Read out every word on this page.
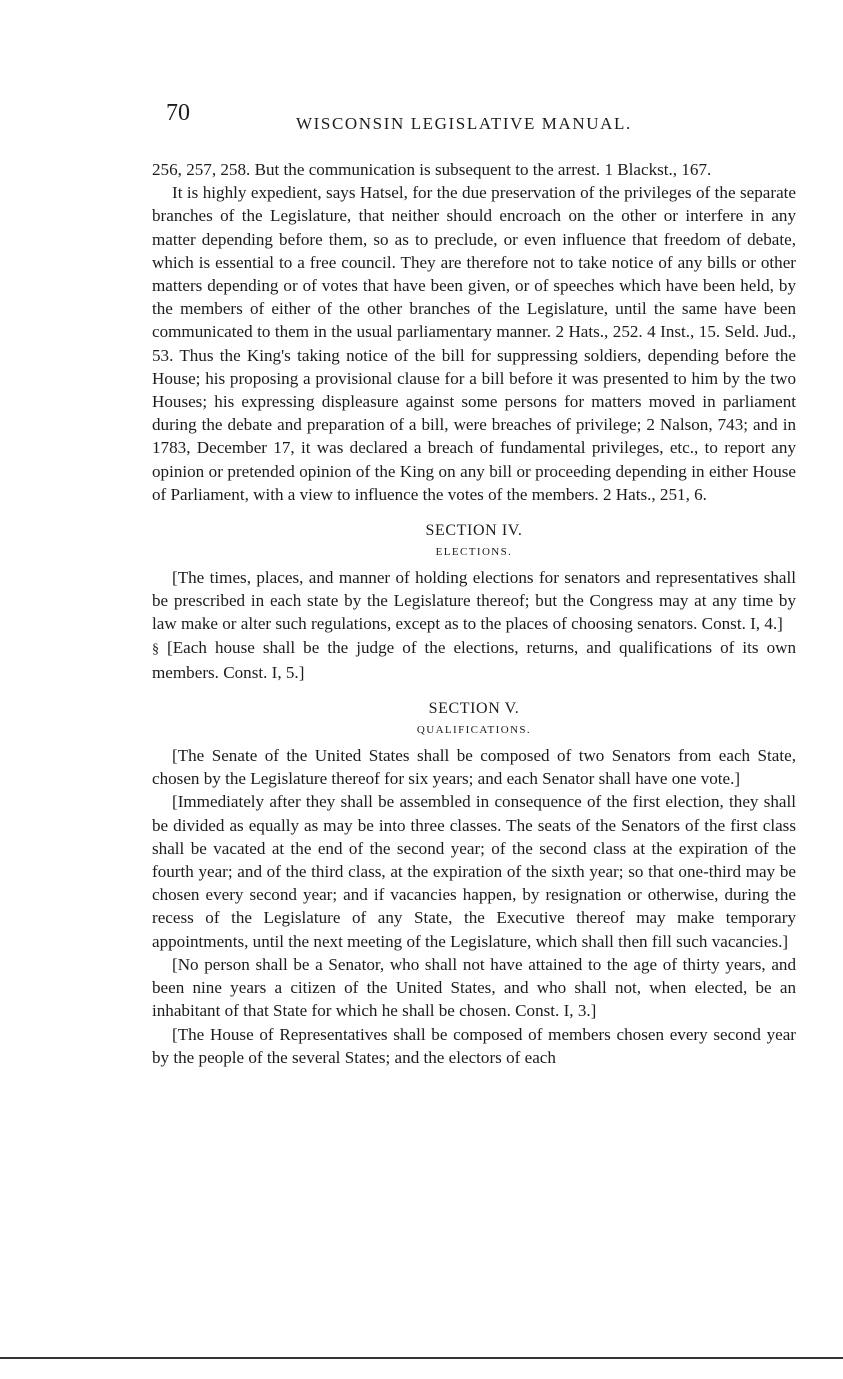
70	WISCONSIN LEGISLATIVE MANUAL.

256, 257, 258. But the communication is subsequent to the arrest. 1 Blackst., 167.

It is highly expedient, says Hatsel, for the due preservation of the privileges of the separate branches of the Legislature, that neither should encroach on the other or interfere in any matter depending before them, so as to preclude, or even influence that freedom of debate, which is essential to a free council. They are therefore not to take notice of any bills or other matters depending or of votes that have been given, or of speeches which have been held, by the members of either of the other branches of the Legislature, until the same have been communicated to them in the usual parliamentary manner. 2 Hats., 252. 4 Inst., 15. Seld. Jud., 53. Thus the King's taking notice of the bill for suppressing soldiers, depending before the House; his proposing a provisional clause for a bill before it was presented to him by the two Houses; his expressing displeasure against some persons for matters moved in parliament during the debate and preparation of a bill, were breaches of privilege; 2 Nalson, 743; and in 1783, December 17, it was declared a breach of fundamental privileges, etc., to report any opinion or pretended opinion of the King on any bill or proceeding depending in either House of Parliament, with a view to influence the votes of the members. 2 Hats., 251, 6.

SECTION IV.
ELECTIONS.

[The times, places, and manner of holding elections for senators and representatives shall be prescribed in each state by the Legislature thereof; but the Congress may at any time by law make or alter such regulations, except as to the places of choosing senators. Const. I, 4.]

§ [Each house shall be the judge of the elections, returns, and qualifications of its own members. Const. I, 5.]

SECTION V.
QUALIFICATIONS.

[The Senate of the United States shall be composed of two Senators from each State, chosen by the Legislature thereof for six years; and each Senator shall have one vote.]

[Immediately after they shall be assembled in consequence of the first election, they shall be divided as equally as may be into three classes. The seats of the Senators of the first class shall be vacated at the end of the second year; of the second class at the expiration of the fourth year; and of the third class, at the expiration of the sixth year; so that one-third may be chosen every second year; and if vacancies happen, by resignation or otherwise, during the recess of the Legislature of any State, the Executive thereof may make temporary appointments, until the next meeting of the Legislature, which shall then fill such vacancies.]

[No person shall be a Senator, who shall not have attained to the age of thirty years, and been nine years a citizen of the United States, and who shall not, when elected, be an inhabitant of that State for which he shall be chosen. Const. I, 3.]

[The House of Representatives shall be composed of members chosen every second year by the people of the several States; and the electors of each
